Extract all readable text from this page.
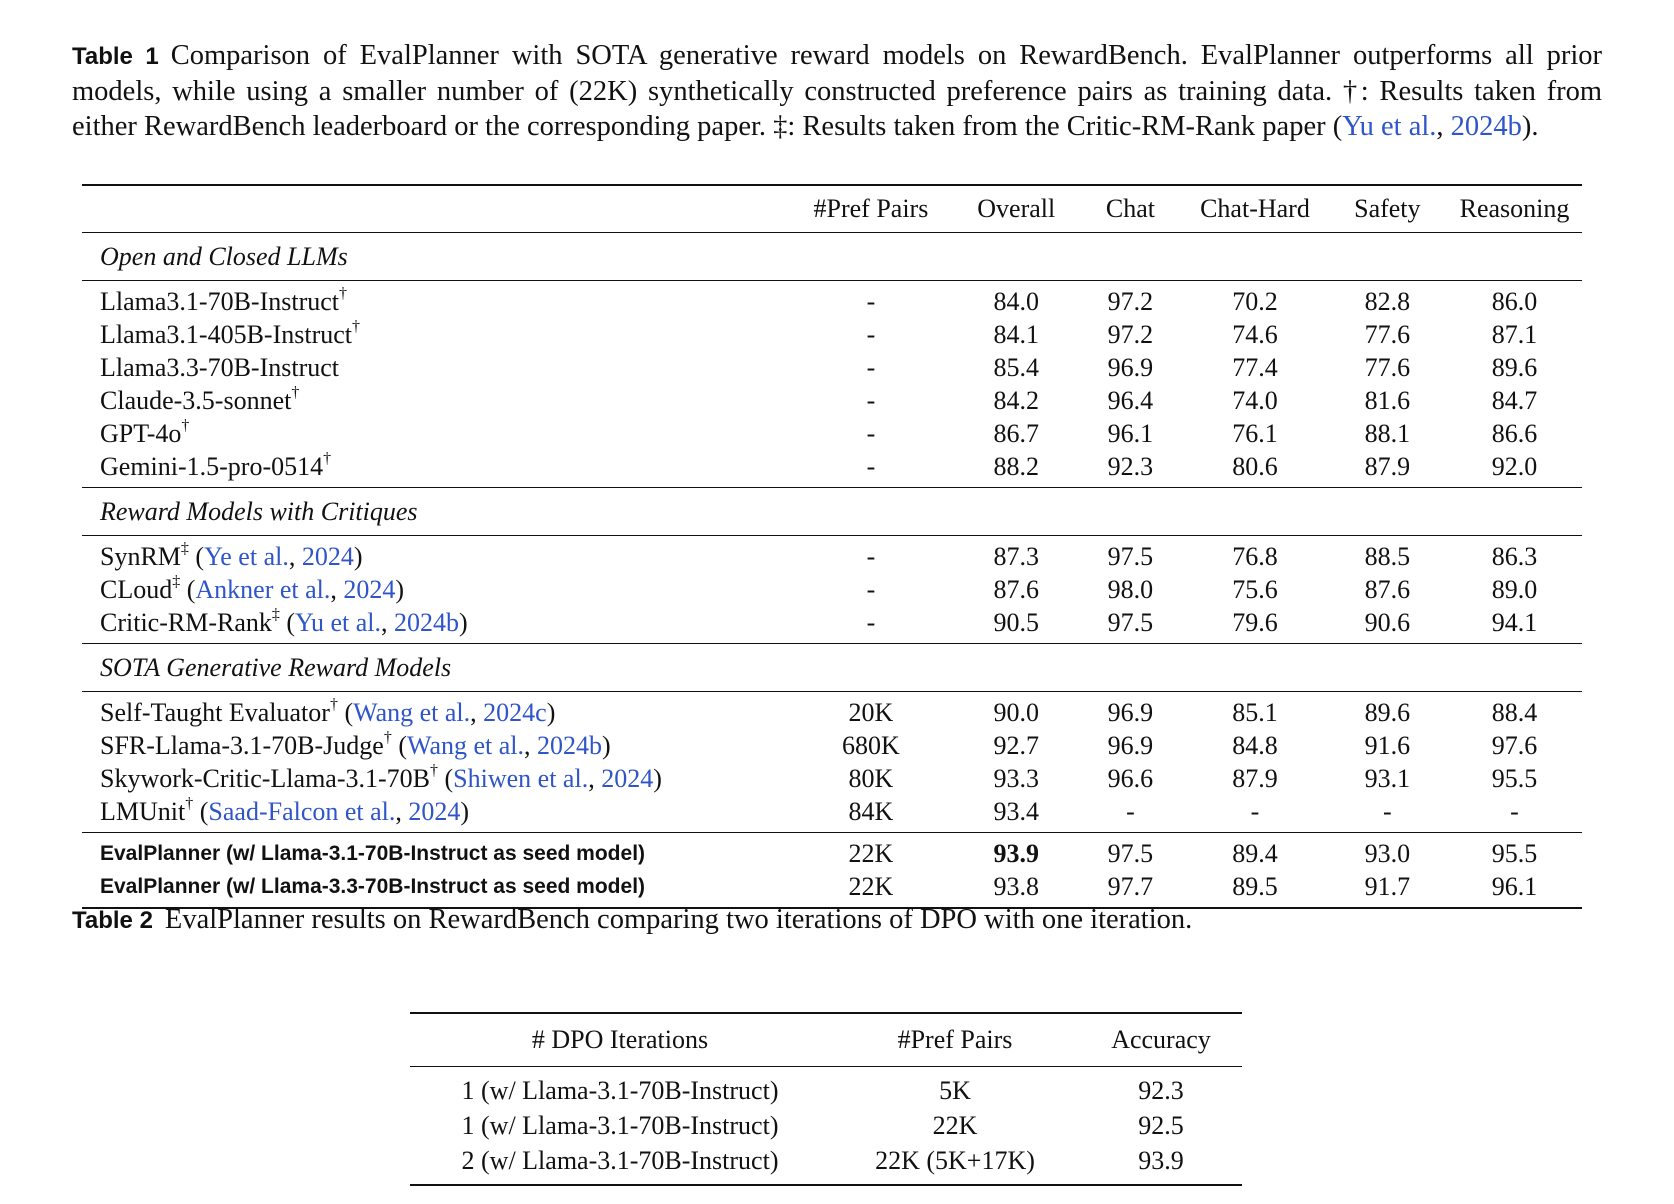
Table 1 Comparison of EvalPlanner with SOTA generative reward models on RewardBench. EvalPlanner outperforms all prior models, while using a smaller number of (22K) synthetically constructed preference pairs as training data. †: Results taken from either RewardBench leaderboard or the corresponding paper. ‡: Results taken from the Critic-RM-Rank paper (Yu et al., 2024b).
	#Pref Pairs	Overall	Chat	Chat-Hard	Safety	Reasoning
Open and Closed LLMs						

Llama3.1-70B-Instruct†	-	84.0	97.2	70.2	82.8	86.0
Llama3.1-405B-Instruct†	-	84.1	97.2	74.6	77.6	87.1
Llama3.3-70B-Instruct	-	85.4	96.9	77.4	77.6	89.6
Claude-3.5-sonnet†	-	84.2	96.4	74.0	81.6	84.7
GPT-4o†	-	86.7	96.1	76.1	88.1	86.6
Gemini-1.5-pro-0514†	-	88.2	92.3	80.6	87.9	92.0
Reward Models with Critiques						

SynRM‡ (Ye et al., 2024)	-	87.3	97.5	76.8	88.5	86.3
CLoud‡ (Ankner et al., 2024)	-	87.6	98.0	75.6	87.6	89.0
Critic-RM-Rank‡ (Yu et al., 2024b)	-	90.5	97.5	79.6	90.6	94.1
SOTA Generative Reward Models						

Self-Taught Evaluator† (Wang et al., 2024c)	20K	90.0	96.9	85.1	89.6	88.4
SFR-Llama-3.1-70B-Judge† (Wang et al., 2024b)	680K	92.7	96.9	84.8	91.6	97.6
Skywork-Critic-Llama-3.1-70B† (Shiwen et al., 2024)	80K	93.3	96.6	87.9	93.1	95.5
LMUnit† (Saad-Falcon et al., 2024)	84K	93.4	-	-	-	-

EvalPlanner (w/ Llama-3.1-70B-Instruct as seed model)	22K	93.9	97.5	89.4	93.0	95.5
EvalPlanner (w/ Llama-3.3-70B-Instruct as seed model)	22K	93.8	97.7	89.5	91.7	96.1
Table 2 EvalPlanner results on RewardBench comparing two iterations of DPO with one iteration.
# DPO Iterations	#Pref Pairs	Accuracy
1 (w/ Llama-3.1-70B-Instruct)	5K	92.3
1 (w/ Llama-3.1-70B-Instruct)	22K	92.5
2 (w/ Llama-3.1-70B-Instruct)	22K (5K+17K)	93.9
